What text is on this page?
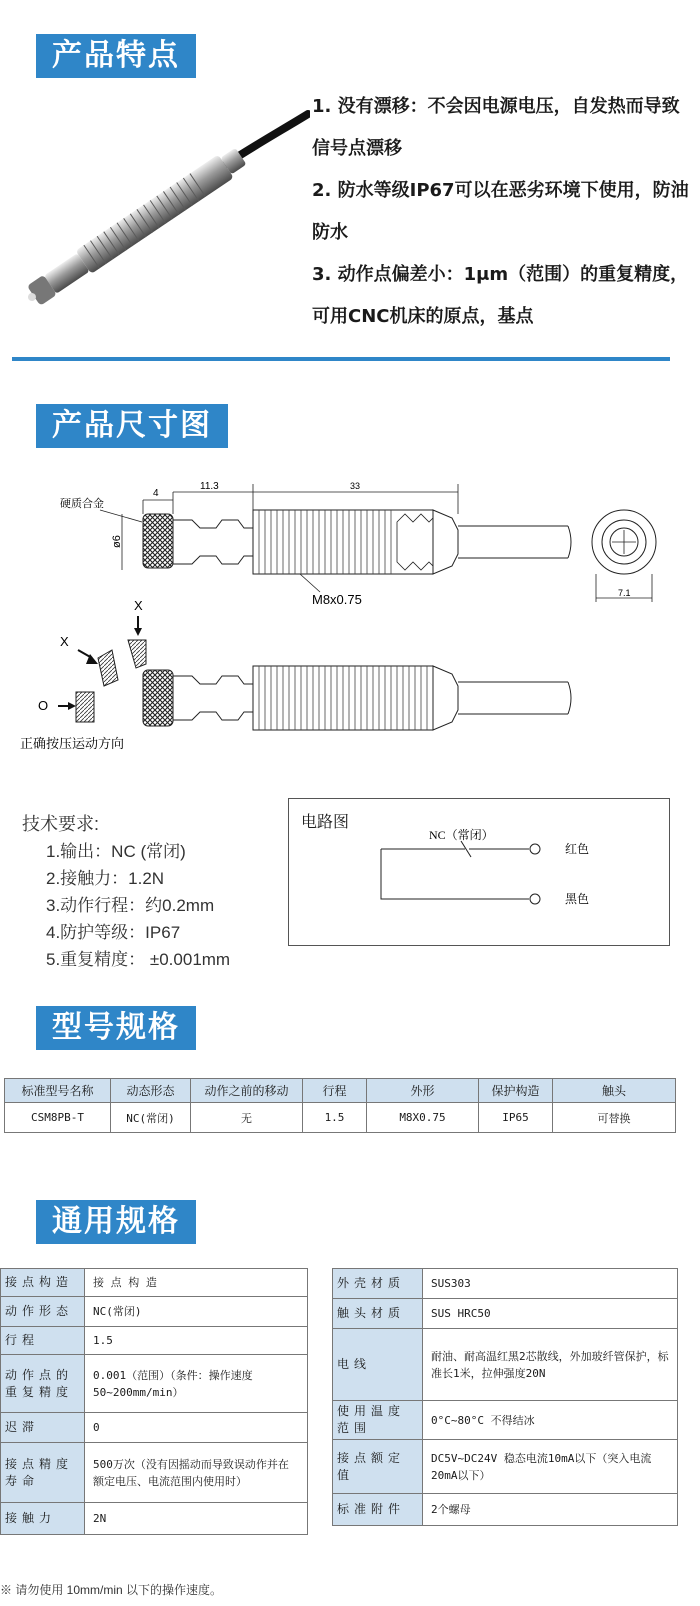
产品特点

1. 没有漂移：不会因电源电压，自发热而导致信号点漂移

2. 防水等级IP67可以在恶劣环境下使用，防油防水

3. 动作点偏差小：1μm（范围）的重复精度，可用CNC机床的原点，基点

产品尺寸图
4
11.3	33
硬质合金
ø6
M8x0.75	7.1
X
X
O
正确按压运动方向
技术要求:
1.输出：NC (常闭)
2.接触力：1.2N
3.动作行程：约0.2mm
4.防护等级：IP67
5.重复精度： ±0.001mm
电路图
NC（常闭）
红色
黑色
型号规格
标准型号名称	动态形态	动作之前的移动	行程	外形	保护构造	触头
CSM8PB-T	NC(常闭)	无	1.5	M8X0.75	IP65	可替换
通用规格
接点构造	接 点 构 造
动作形态	NC(常闭)
行程	1.5
动作点的重复精度	0.001（范围）（条件：操作速度50~200mm/min）
迟滞	0
接点精度寿命	500万次（没有因摇动而导致误动作并在额定电压、电流范围内使用时）
接触力	2N
外壳材质	SUS303
触头材质	SUS HRC50
电线	耐油、耐高温红黑2芯散线，外加玻纤管保护，标准长1米，拉伸强度20N
使用温度范围	0°C~80°C 不得结冰
接点额定值	DC5V~DC24V 稳态电流10mA以下（突入电流20mA以下）
标准附件	2个螺母
※ 请勿使用 10mm/min 以下的操作速度。
